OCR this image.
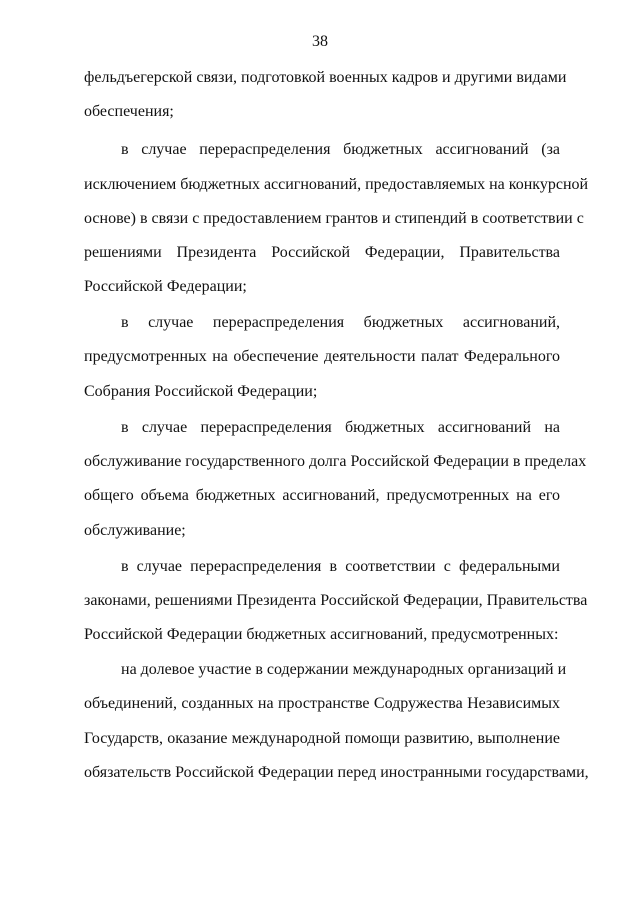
38
фельдъегерской связи, подготовкой военных кадров и другими видами
обеспечения;
в случае перераспределения бюджетных ассигнований (за
исключением бюджетных ассигнований, предоставляемых на конкурсной
основе) в связи с предоставлением грантов и стипендий в соответствии с
решениями Президента Российской Федерации, Правительства
Российской Федерации;
в случае перераспределения бюджетных ассигнований,
предусмотренных на обеспечение деятельности палат Федерального
Собрания Российской Федерации;
в случае перераспределения бюджетных ассигнований на
обслуживание государственного долга Российской Федерации в пределах
общего объема бюджетных ассигнований, предусмотренных на его
обслуживание;
в случае перераспределения в соответствии с федеральными
законами, решениями Президента Российской Федерации, Правительства
Российской Федерации бюджетных ассигнований, предусмотренных:
на долевое участие в содержании международных организаций и
объединений, созданных на пространстве Содружества Независимых
Государств, оказание международной помощи развитию, выполнение
обязательств Российской Федерации перед иностранными государствами,
